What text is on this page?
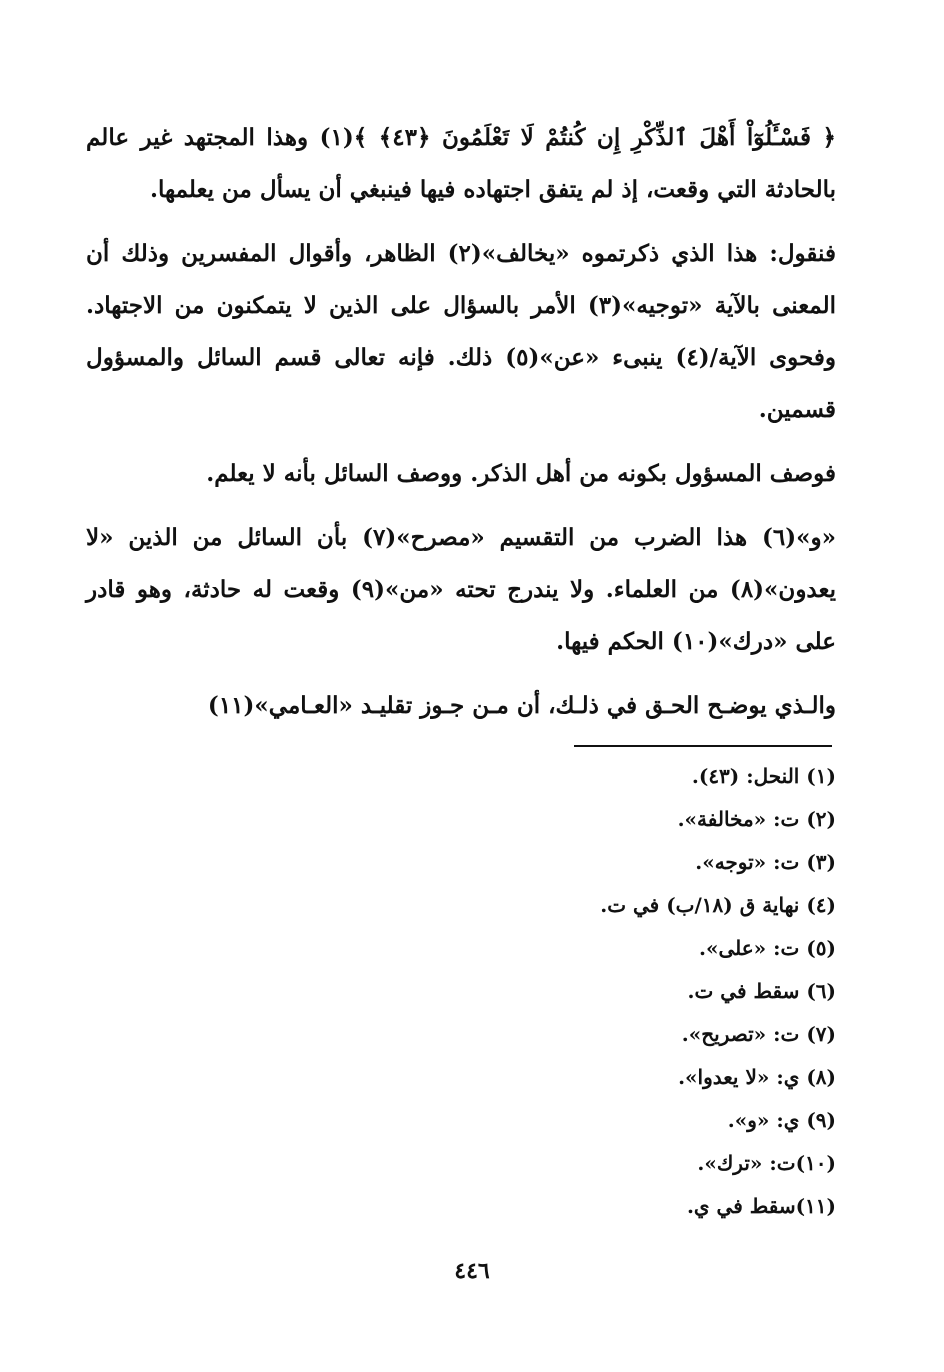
﴿ فَسْـَٔلُوٓاْ أَهْلَ ٱلذِّكْرِ إِن كُنتُمْ لَا تَعْلَمُونَ ﴿٤٣﴾ ﴾(١) وهذا المجتهد غير عالم بالحادثة التي وقعت، إذ لم يتفق اجتهاده فيها فينبغي أن يسأل من يعلمها.

فنقول: هذا الذي ذكرتموه «يخالف»(٢) الظاهر، وأقوال المفسرين وذلك أن المعنى بالآية «توجيه»(٣) الأمر بالسؤال على الذين لا يتمكنون من الاجتهاد. وفحوى الآية/(٤) ينبىء «عن»(٥) ذلك. فإنه تعالى قسم السائل والمسؤول قسمين.

فوصف المسؤول بكونه من أهل الذكر. ووصف السائل بأنه لا يعلم.

«و»(٦) هذا الضرب من التقسيم «مصرح»(٧) بأن السائل من الذين «لا يعدون»(٨) من العلماء. ولا يندرج تحته «من»(٩) وقعت له حادثة، وهو قادر على «درك»(١٠) الحكم فيها.

والـذي يوضـح الحـق في ذلـك، أن مـن جـوز تقليـد «العـامي»(١١)

(١) النحل: (٤٣).
(٢) ت: «مخالفة».
(٣) ت: «توجه».
(٤) نهاية ق (١٨/ب) في ت.
(٥) ت: «على».
(٦) سقط في ت.
(٧) ت: «تصريح».
(٨) ي: «لا يعدوا».
(٩) ي: «و».
(١٠)ت: «ترك».
(١١)سقط في ي.
٤٤٦
